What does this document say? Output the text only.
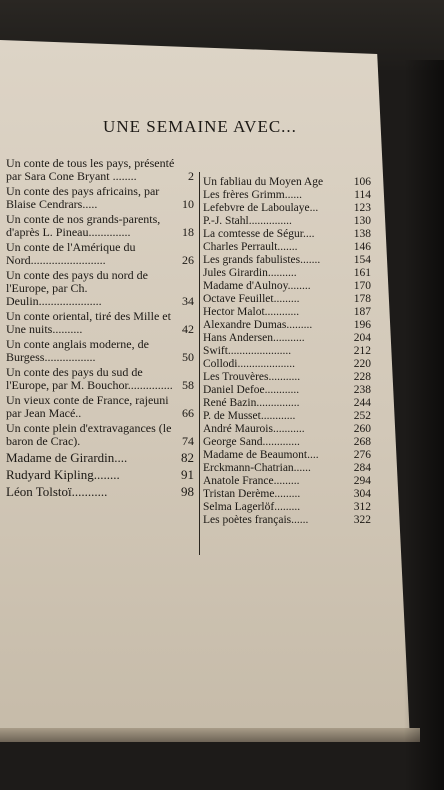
UNE SEMAINE AVEC...
Un conte de tous les pays, présenté par Sara Cone Bryant ........	2
Un conte des pays africains, par Blaise Cendrars.....	10
Un conte de nos grands-parents, d'après L. Pineau..............	18
Un conte de l'Amérique du Nord.........................	26
Un conte des pays du nord de l'Europe, par Ch. Deulin.....................	34
Un conte oriental, tiré des Mille et Une nuits..........	42
Un conte anglais moderne, de Burgess.................	50
Un conte des pays du sud de l'Europe, par M. Bouchor............... 58
Un vieux conte de France, rajeuni par Jean Macé..	66
Un conte plein d'extravagances (le baron de Crac).	74
Madame de Girardin....	82
Rudyard Kipling........	91
Léon Tolstoï...........	98
Un fabliau du Moyen Age	106
Les frères Grimm......	114
Lefebvre de Laboulaye...	123
P.-J. Stahl...............	130
La comtesse de Ségur....	138
Charles Perrault.......	146
Les grands fabulistes.......	154
Jules Girardin..........	161
Madame d'Aulnoy........	170
Octave Feuillet.........	178
Hector Malot............	187
Alexandre Dumas.........	196
Hans Andersen...........	204
Swift......................	212
Collodi....................	220
Les Trouvères...........	228
Daniel Defoe............	238
René Bazin...............	244
P. de Musset............	252
André Maurois...........	260
George Sand.............	268
Madame de Beaumont....	276
Erckmann-Chatrian......	284
Anatole France.........	294
Tristan Derème.........	304
Selma Lagerlöf.........	312
Les poètes français......	322
